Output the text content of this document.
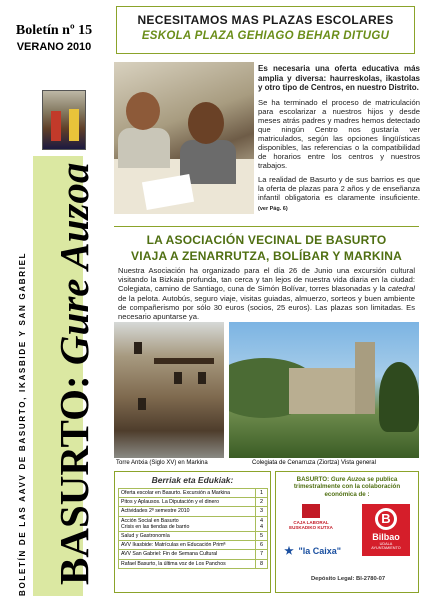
Boletín nº 15
VERANO 2010
BOLETÍN DE LAS AAVV DE BASURTO, IKASBIDE Y SAN GABRIEL BASURTO: Gure Auzoa
NECESITAMOS MAS PLAZAS ESCOLARES
ESKOLA PLAZA GEHIAGO BEHAR DITUGU

Es necesaria una oferta educativa más amplia y diversa: haurreskolas, ikastolas y otro tipo de Centros, en nuestro Distrito.

Se ha terminado el proceso de matriculación para escolarizar a nuestros hijos y desde meses atrás padres y madres hemos detectado que ningún Centro nos gustaría ver matriculados, según las opciones lingüísticas disponibles, las referencias o la compatibilidad de horarios entre los centros y nuestros trabajos.

La realidad de Basurto y de sus barrios es que la oferta de plazas para 2 años y de enseñanza infantil obligatoria es claramente insuficiente. (ver Pág. 6)

LA ASOCIACIÓN VECINAL DE BASURTO
VIAJA A ZENARRUTZA, BOLÍBAR Y MARKINA
Nuestra Asociación ha organizado para el día 26 de Junio una excursión cultural visitando la Bizkaia profunda, tan cerca y tan lejos de nuestra vida diaria en la ciudad: Colegiata, camino de Santiago, cuna de Simón Bolívar, torres blasonadas y la catedral de la pelota. Autobús, seguro viaje, visitas guiadas, almuerzo, sorteos y buen ambiente de compañerismo por sólo 30 euros (socios, 25 euros). Las plazas son limitadas. Es necesario apuntarse ya.
Torre Antxia (Siglo XV) en Markina	Colegiata de Cenarruza (Ziortza) Vista general
Berriak eta Edukiak:
Oferta escolar en Basurto. Excursión a Markina	1
Pitos y Aplausos. La Diputación y el dinero	2
Actividades 2º semestre 2010	3
Acción Social en Basurto
Crisis en las tiendas de barrio	4
4
Salud y Gastronomía	5
AVV Ikasbide: Matrículas en Educación Primª	6
AVV San Gabriel: Fin de Semana Cultural	7
Rafael Basurto, la última voz de Los Panchos	8
BASURTO: Gure Auzoa se publica trimestralmente con la colaboración económica de :
CAJA LABORAL
EUSKADIKO KUTXA
"la Caixa"
B
Bilbao
UDALA
AYUNTAMIENTO
Depósito Legal: BI-2780-07
